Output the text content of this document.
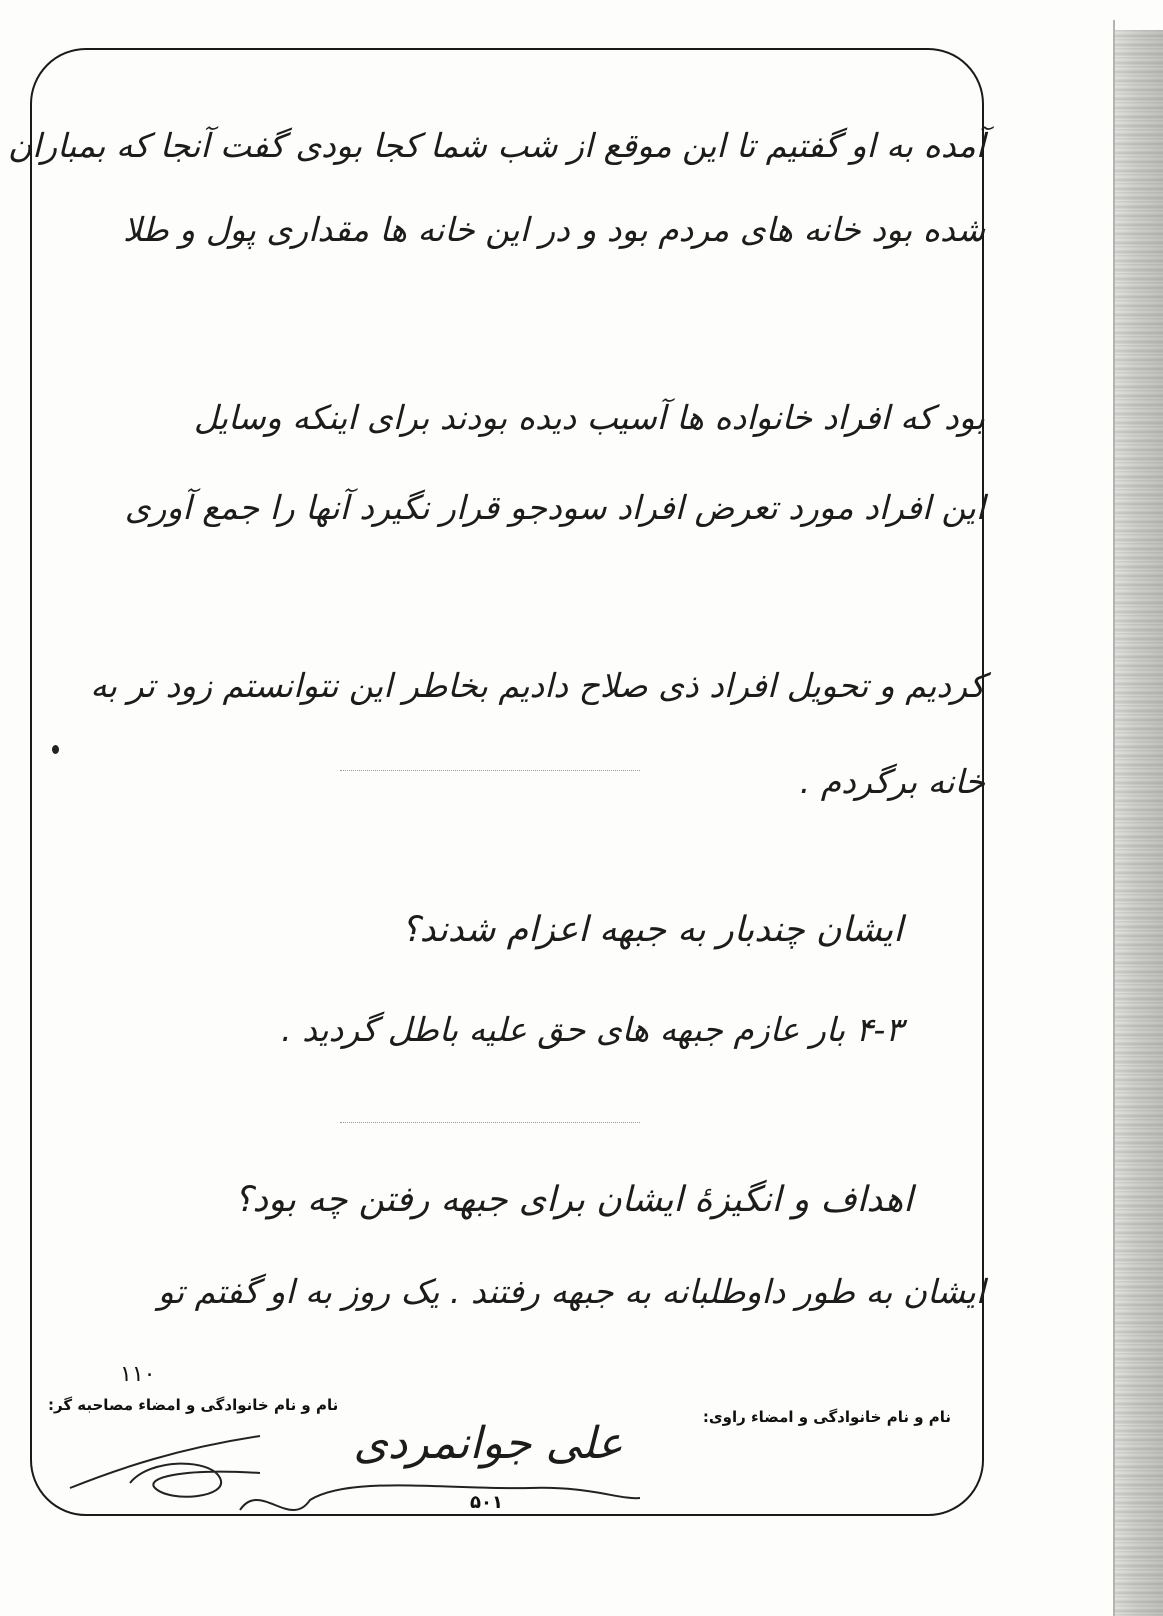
آمده به او گفتیم تا این موقع از شب شما کجا بودی گفت آنجا که بمباران
شده بود خانه های مردم بود و در این خانه ها مقداری پول و طلا
بود که افراد خانواده ها آسیب دیده بودند برای اینکه وسایل
این افراد مورد تعرض افراد سودجو قرار نگیرد آنها را جمع آوری
کردیم و تحویل افراد ذی صلاح دادیم بخاطر این نتوانستم زود تر به
خانه برگردم .
ایشان چندبار به جبهه اعزام شدند؟
۴-۳ بار عازم جبهه های حق علیه باطل گردید .
اهداف و انگیزهٔ ایشان برای جبهه رفتن چه بود؟
ایشان به طور داوطلبانه به جبهه رفتند . یک روز به او گفتم تو
۱۱۰
نام و نام خانوادگی و امضاء مصاحبه گر:
نام و نام خانوادگی و امضاء راوی:
علی جوانمردی
۵۰۱
